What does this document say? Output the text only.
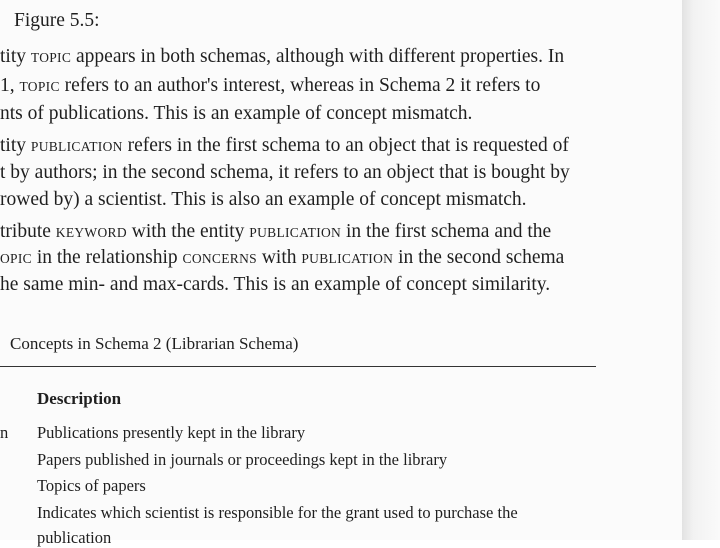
Figure 5.5:
tity TOPIC appears in both schemas, although with different properties. In
1, TOPIC refers to an author's interest, whereas in Schema 2 it refers to
nts of publications. This is an example of concept mismatch.
tity PUBLICATION refers in the first schema to an object that is requested of
t by authors; in the second schema, it refers to an object that is bought by
rowed by) a scientist. This is also an example of concept mismatch.
tribute KEYWORD with the entity PUBLICATION in the first schema and the
OPIC in the relationship CONCERNS with PUBLICATION in the second schema
he same min- and max-cards. This is an example of concept similarity.
Concepts in Schema 2 (Librarian Schema)
Description
n Publications presently kept in the library
Papers published in journals or proceedings kept in the library
Topics of papers
Indicates which scientist is responsible for the grant used to purchase the
publication
